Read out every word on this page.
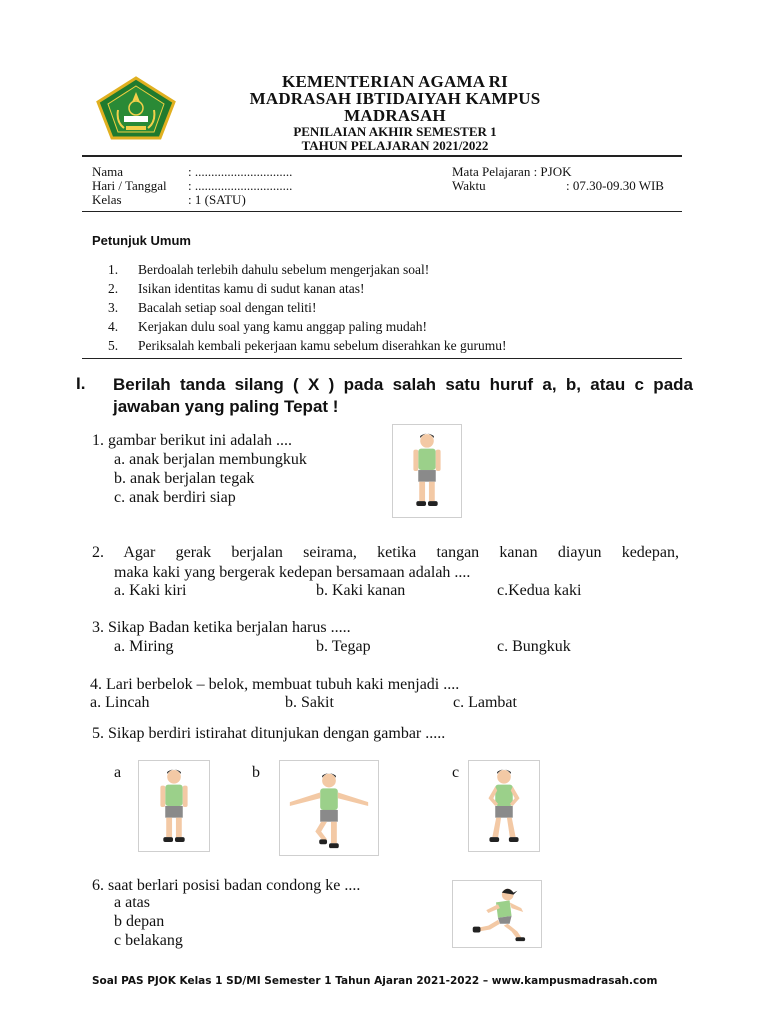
KEMENTERIAN AGAMA RI
MADRASAH IBTIDAIYAH KAMPUS
MADRASAH
PENILAIAN AKHIR SEMESTER 1
TAHUN PELAJARAN 2021/2022
Nama	: ..............................
Hari / Tanggal : ..............................
Kelas	: 1 (SATU)
Mata Pelajaran : PJOK
Waktu	: 07.30-09.30 WIB
Petunjuk Umum
1. Berdoalah terlebih dahulu sebelum mengerjakan soal!
2. Isikan identitas kamu di sudut kanan atas!
3. Bacalah setiap soal dengan teliti!
4. Kerjakan dulu soal yang kamu anggap paling mudah!
5. Periksalah kembali pekerjaan kamu sebelum diserahkan ke gurumu!
I. Berilah tanda silang ( X ) pada salah satu huruf a, b, atau c pada
jawaban yang paling Tepat !
1. gambar berikut ini adalah ....
a. anak berjalan membungkuk
b. anak berjalan tegak
c. anak berdiri siap
2. Agar gerak berjalan seirama, ketika tangan kanan diayun kedepan,
maka kaki yang bergerak kedepan bersamaan adalah ....
a. Kaki kiri	b. Kaki kanan	c.Kedua kaki
3. Sikap Badan ketika berjalan harus .....
a. Miring	b. Tegap	c. Bungkuk
4. Lari berbelok – belok, membuat tubuh kaki menjadi ....
a. Lincah	b. Sakit	c. Lambat
5. Sikap berdiri istirahat ditunjukan dengan gambar .....
a	b	c
6. saat berlari posisi badan condong ke ....
a atas
b depan
c belakang
Soal PAS PJOK Kelas 1 SD/MI Semester 1 Tahun Ajaran 2021-2022 – www.kampusmadrasah.com
